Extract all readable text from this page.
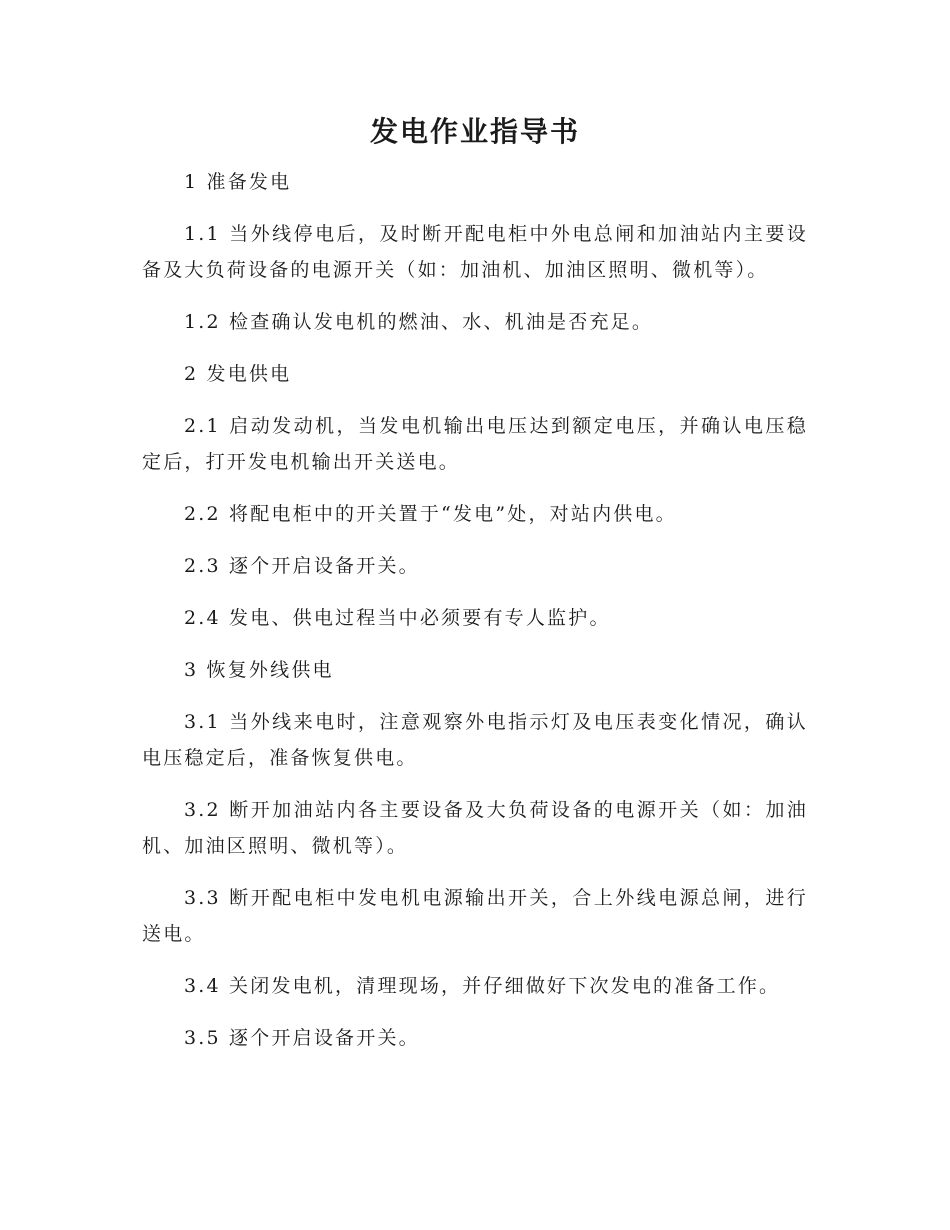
发电作业指导书

1 准备发电

1.1 当外线停电后，及时断开配电柜中外电总闸和加油站内主要设备及大负荷设备的电源开关（如：加油机、加油区照明、微机等）。

1.2 检查确认发电机的燃油、水、机油是否充足。

2 发电供电

2.1 启动发动机，当发电机输出电压达到额定电压，并确认电压稳定后，打开发电机输出开关送电。

2.2 将配电柜中的开关置于“发电”处，对站内供电。

2.3 逐个开启设备开关。

2.4 发电、供电过程当中必须要有专人监护。

3 恢复外线供电

3.1 当外线来电时，注意观察外电指示灯及电压表变化情况，确认电压稳定后，准备恢复供电。

3.2 断开加油站内各主要设备及大负荷设备的电源开关（如：加油机、加油区照明、微机等）。

3.3 断开配电柜中发电机电源输出开关，合上外线电源总闸，进行送电。

3.4 关闭发电机，清理现场，并仔细做好下次发电的准备工作。

3.5 逐个开启设备开关。
